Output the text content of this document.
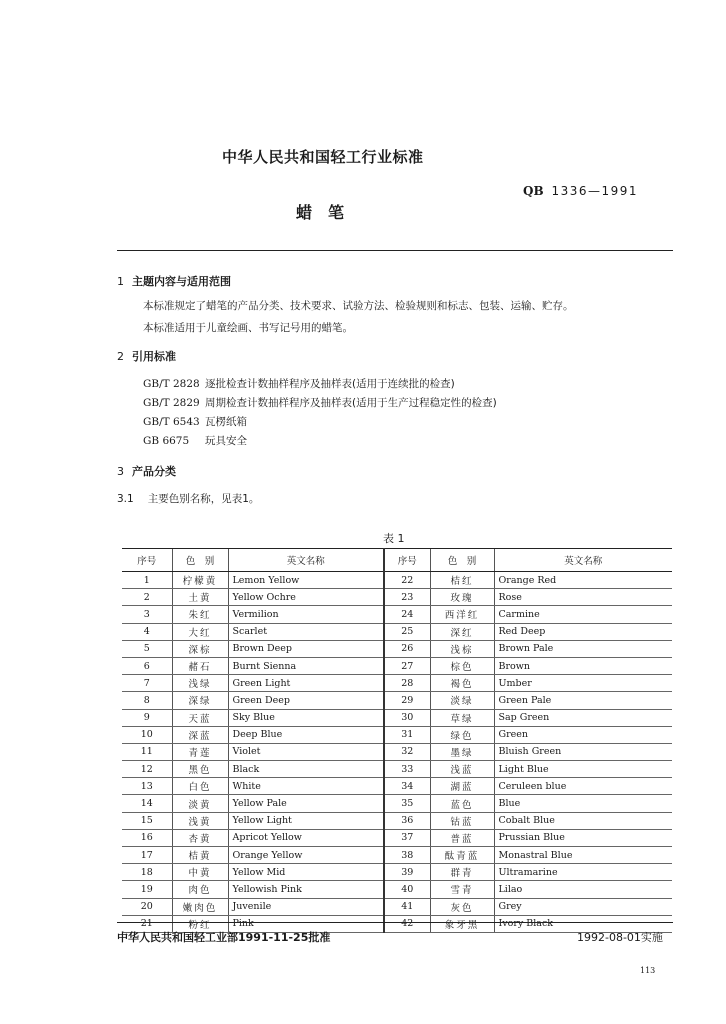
中华人民共和国轻工行业标准
QB 1336—1991
蜡　笔
1 主题内容与适用范围
本标准规定了蜡笔的产品分类、技术要求、试验方法、检验规则和标志、包装、运输、贮存。
本标准适用于儿童绘画、书写记号用的蜡笔。
2 引用标准
GB/T 2828 逐批检查计数抽样程序及抽样表(适用于连续批的检查)
GB/T 2829 周期检查计数抽样程序及抽样表(适用于生产过程稳定性的检查)
GB/T 6543 瓦楞纸箱
GB 6675 玩具安全
3 产品分类
3.1 主要色别名称，见表1。
表 1
序号	色　别	英文名称	序号	色　别	英文名称
1	柠檬黄	Lemon Yellow	22	桔红	Orange Red
2	土黄	Yellow Ochre	23	玫瑰	Rose
3	朱红	Vermilion	24	西洋红	Carmine
4	大红	Scarlet	25	深红	Red Deep
5	深棕	Brown Deep	26	浅棕	Brown Pale
6	赭石	Burnt Sienna	27	棕色	Brown
7	浅绿	Green Light	28	褐色	Umber
8	深绿	Green Deep	29	淡绿	Green Pale
9	天蓝	Sky Blue	30	草绿	Sap Green
10	深蓝	Deep Blue	31	绿色	Green
11	青莲	Violet	32	墨绿	Bluish Green
12	黑色	Black	33	浅蓝	Light Blue
13	白色	White	34	湖蓝	Ceruleen blue
14	淡黄	Yellow Pale	35	蓝色	Blue
15	浅黄	Yellow Light	36	钴蓝	Cobalt Blue
16	杏黄	Apricot Yellow	37	普蓝	Prussian Blue
17	桔黄	Orange Yellow	38	酞青蓝	Monastral Blue
18	中黄	Yellow Mid	39	群青	Ultramarine
19	肉色	Yellowish Pink	40	雪青	Lilao
20	嫩肉色	Juvenile	41	灰色	Grey
21	粉红	Pink	42	象牙黑	Ivory Black
中华人民共和国轻工业部1991-11-25批准	1992-08-01实施
113
